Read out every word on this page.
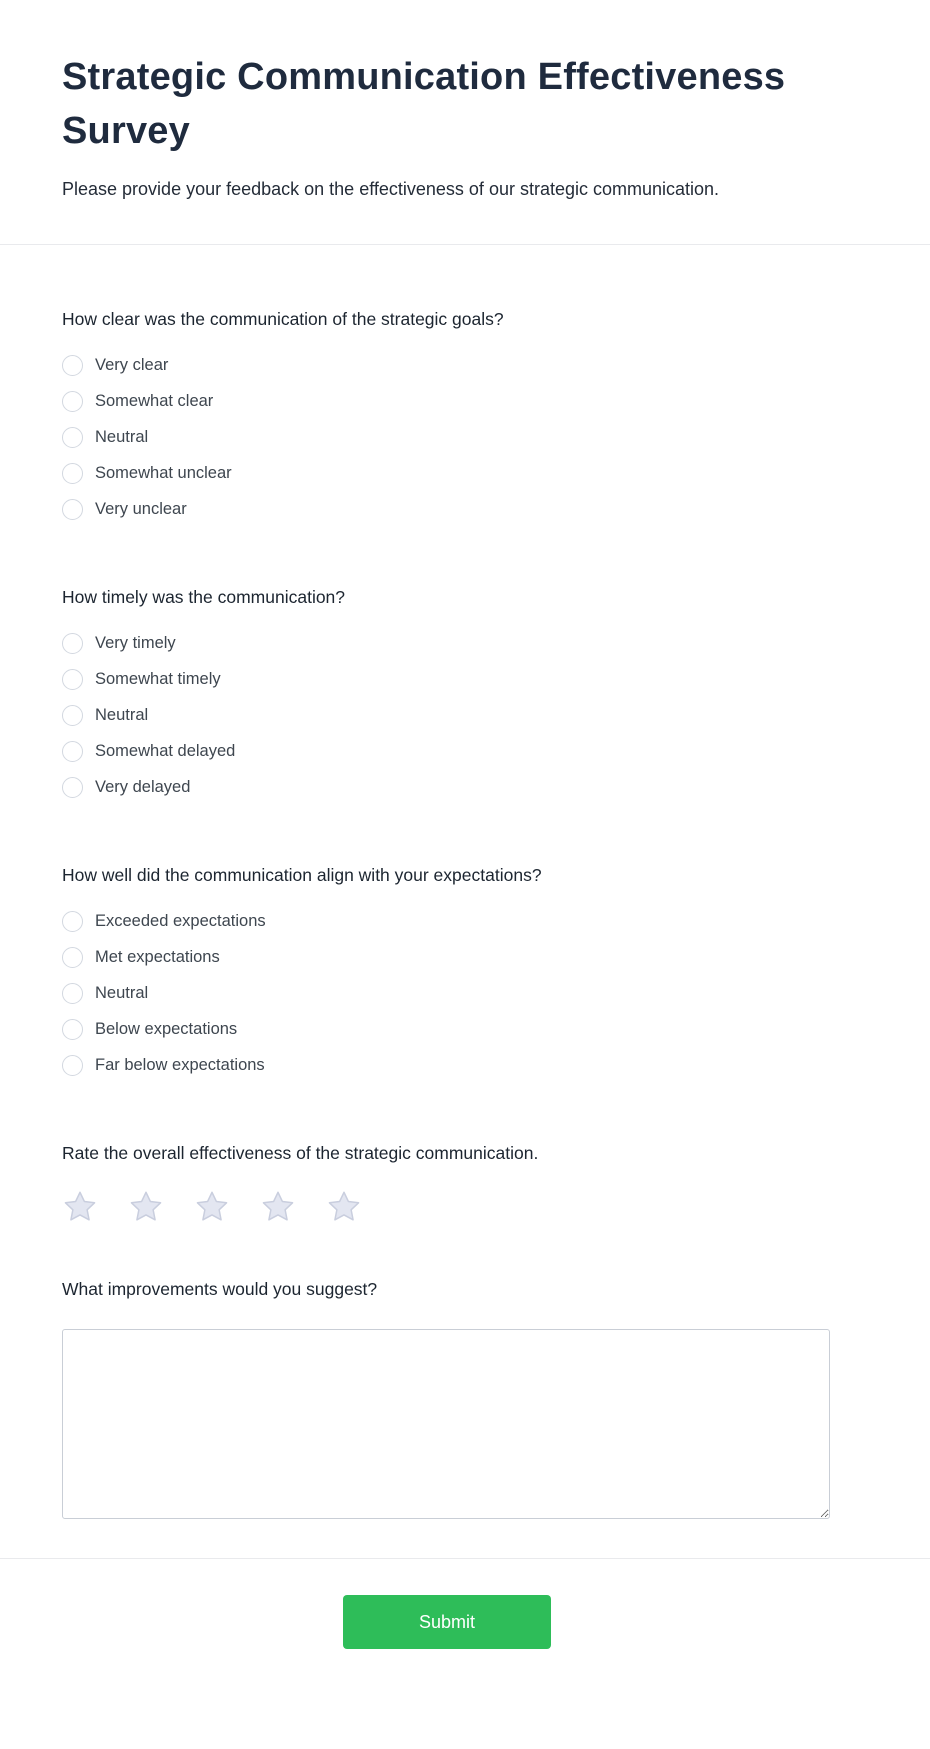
Strategic Communication Effectiveness Survey

Please provide your feedback on the effectiveness of our strategic communication.

How clear was the communication of the strategic goals?
Very clear
Somewhat clear
Neutral
Somewhat unclear
Very unclear
How timely was the communication?
Very timely
Somewhat timely
Neutral
Somewhat delayed
Very delayed
How well did the communication align with your expectations?
Exceeded expectations
Met expectations
Neutral
Below expectations
Far below expectations
Rate the overall effectiveness of the strategic communication.
What improvements would you suggest?
Submit
